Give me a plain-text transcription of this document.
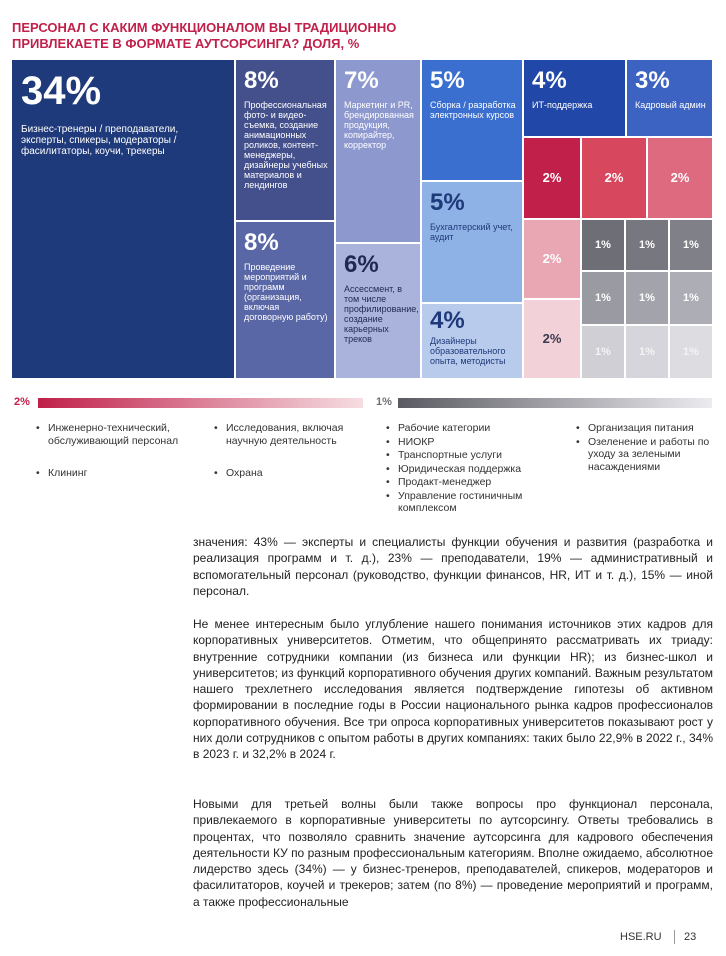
ПЕРСОНАЛ С КАКИМ ФУНКЦИОНАЛОМ ВЫ ТРАДИЦИОННО ПРИВЛЕКАЕТЕ В ФОРМАТЕ АУТСОРСИНГА? ДОЛЯ, %
34%
Бизнес-тренеры / преподаватели, эксперты, спикеры, модераторы / фасилитаторы, коучи, трекеры
8%
Профессиональная фото- и видео-съемка, создание анимационных роликов, контент-менеджеры, дизайнеры учебных материалов и лендингов
8%
Проведение мероприятий и программ (организация, включая договорную работу)
7%
Маркетинг и PR, брендированная продукция, копирайтер, корректор
6%
Ассессмент, в том числе профилирование, создание карьерных треков
5%
Сборка / разработка электронных курсов
5%
Бухгалтерский учет, аудит
4%
Дизайнеры образовательного опыта, методисты
4%
ИТ-поддержка
3%
Кадровый админ
2%	2%	2%
2%
2%
1%	1%	1%
1%	1%	1%
1%	1%	1%
2%	1%
• Инженерно-технический, обслуживающий персонал
• Клининг
• Исследования, включая научную деятельность
• Охрана
• Рабочие категории
• НИОКР
• Транспортные услуги
• Юридическая поддержка
• Продакт-менеджер
• Управление гостиничным комплексом
• Организация питания
• Озеленение и работы по уходу за зелеными насаждениями

значения: 43% — эксперты и специалисты функции обучения и развития (разработка и реализация программ и т. д.), 23% — преподаватели, 19% — административный и вспомогательный персонал (руководство, функции финансов, HR, ИТ и т. д.), 15% — иной персонал.

Не менее интересным было углубление нашего понимания источников этих кадров для корпоративных университетов. Отметим, что общепринято рассматривать их триаду: внутренние сотрудники компании (из бизнеса или функции HR); из бизнес-школ и университетов; из функций корпоративного обучения других компаний. Важным результатом нашего трехлетнего исследования является подтверждение гипотезы об активном формировании в последние годы в России национального рынка кадров профессионалов корпоративного обучения. Все три опроса корпоративных университетов показывают рост у них доли сотрудников с опытом работы в других компаниях: таких было 22,9% в 2022 г., 34% в 2023 г. и 32,2% в 2024 г.

Новыми для третьей волны были также вопросы про функционал персонала, привлекаемого в корпоративные университеты по аутсорсингу. Ответы требовались в процентах, что позволяло сравнить значение аутсорсинга для кадрового обеспечения деятельности КУ по разным профессиональным категориям. Вполне ожидаемо, абсолютное лидерство здесь (34%) — у бизнес-тренеров, преподавателей, спикеров, модераторов и фасилитаторов, коучей и трекеров; затем (по 8%) — проведение мероприятий и программ, а также профессиональные

HSE.RU 23
